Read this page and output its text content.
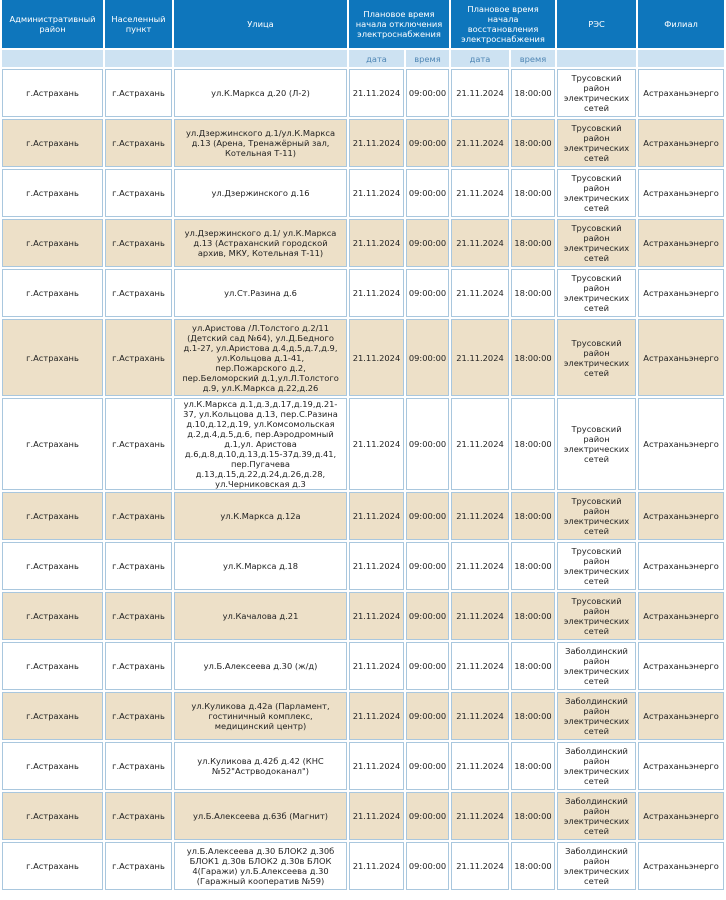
Административный район	Населенный пункт	Улица	Плановое время начала отключения электроснабжения		Плановое время начала восстановления электроснабжения		РЭС	Филиал
			дата	время	дата	время		
г.Астрахань	г.Астрахань	ул.К.Маркса д.20 (Л-2)	21.11.2024	09:00:00	21.11.2024	18:00:00	Трусовский район электрических сетей	Астраханьэнерго
г.Астрахань	г.Астрахань	ул.Дзержинского д.1/ул.К.Маркса д.13 (Арена, Тренажёрный зал, Котельная Т-11)	21.11.2024	09:00:00	21.11.2024	18:00:00	Трусовский район электрических сетей	Астраханьэнерго
г.Астрахань	г.Астрахань	ул.Дзержинского д.16	21.11.2024	09:00:00	21.11.2024	18:00:00	Трусовский район электрических сетей	Астраханьэнерго
г.Астрахань	г.Астрахань	ул.Дзержинского д.1/ ул.К.Маркса д.13 (Астраханский городской архив, МКУ, Котельная Т-11)	21.11.2024	09:00:00	21.11.2024	18:00:00	Трусовский район электрических сетей	Астраханьэнерго
г.Астрахань	г.Астрахань	ул.Ст.Разина д.6	21.11.2024	09:00:00	21.11.2024	18:00:00	Трусовский район электрических сетей	Астраханьэнерго
г.Астрахань	г.Астрахань	ул.Аристова /Л.Толстого д.2/11 (Детский сад №64), ул.Д.Бедного д.1-27, ул.Аристова д.4,д.5,д.7,д.9, ул.Кольцова д.1-41, пер.Пожарского д.2, пер.Беломорский д.1,ул.Л.Толстого д.9, ул.К.Маркса д.22,д.26	21.11.2024	09:00:00	21.11.2024	18:00:00	Трусовский район электрических сетей	Астраханьэнерго
г.Астрахань	г.Астрахань	ул.К.Маркса д.1,д.3,д.17,д.19,д.21-37, ул.Кольцова д.13, пер.С.Разина д.10,д.12,д.19, ул.Комсомольская д.2,д.4,д.5,д.6, пер.Аэродромный д.1,ул. Аристова д.6,д.8,д.10,д.13,д.15-37д.39,д.41, пер.Пугачева д.13,д.15,д.22,д.24,д.26,д.28, ул.Черниковская д.3	21.11.2024	09:00:00	21.11.2024	18:00:00	Трусовский район электрических сетей	Астраханьэнерго
г.Астрахань	г.Астрахань	ул.К.Маркса д.12а	21.11.2024	09:00:00	21.11.2024	18:00:00	Трусовский район электрических сетей	Астраханьэнерго
г.Астрахань	г.Астрахань	ул.К.Маркса д.18	21.11.2024	09:00:00	21.11.2024	18:00:00	Трусовский район электрических сетей	Астраханьэнерго
г.Астрахань	г.Астрахань	ул.Качалова д.21	21.11.2024	09:00:00	21.11.2024	18:00:00	Трусовский район электрических сетей	Астраханьэнерго
г.Астрахань	г.Астрахань	ул.Б.Алексеева д.30 (ж/д)	21.11.2024	09:00:00	21.11.2024	18:00:00	Заболдинский район электрических сетей	Астраханьэнерго
г.Астрахань	г.Астрахань	ул.Куликова д.42а (Парламент, гостиничный комплекс, медицинский центр)	21.11.2024	09:00:00	21.11.2024	18:00:00	Заболдинский район электрических сетей	Астраханьэнерго
г.Астрахань	г.Астрахань	ул.Куликова д.42б д.42 (КНС №52"Астрводоканал")	21.11.2024	09:00:00	21.11.2024	18:00:00	Заболдинский район электрических сетей	Астраханьэнерго
г.Астрахань	г.Астрахань	ул.Б.Алексеева д.63б (Магнит)	21.11.2024	09:00:00	21.11.2024	18:00:00	Заболдинский район электрических сетей	Астраханьэнерго
г.Астрахань	г.Астрахань	ул.Б.Алексеева д.30 БЛОК2 д.30б БЛОК1 д.30в БЛОК2 д.30в БЛОК 4(Гаражи) ул.Б.Алексеева д.30 (Гаражный кооператив №59)	21.11.2024	09:00:00	21.11.2024	18:00:00	Заболдинский район электрических сетей	Астраханьэнерго
